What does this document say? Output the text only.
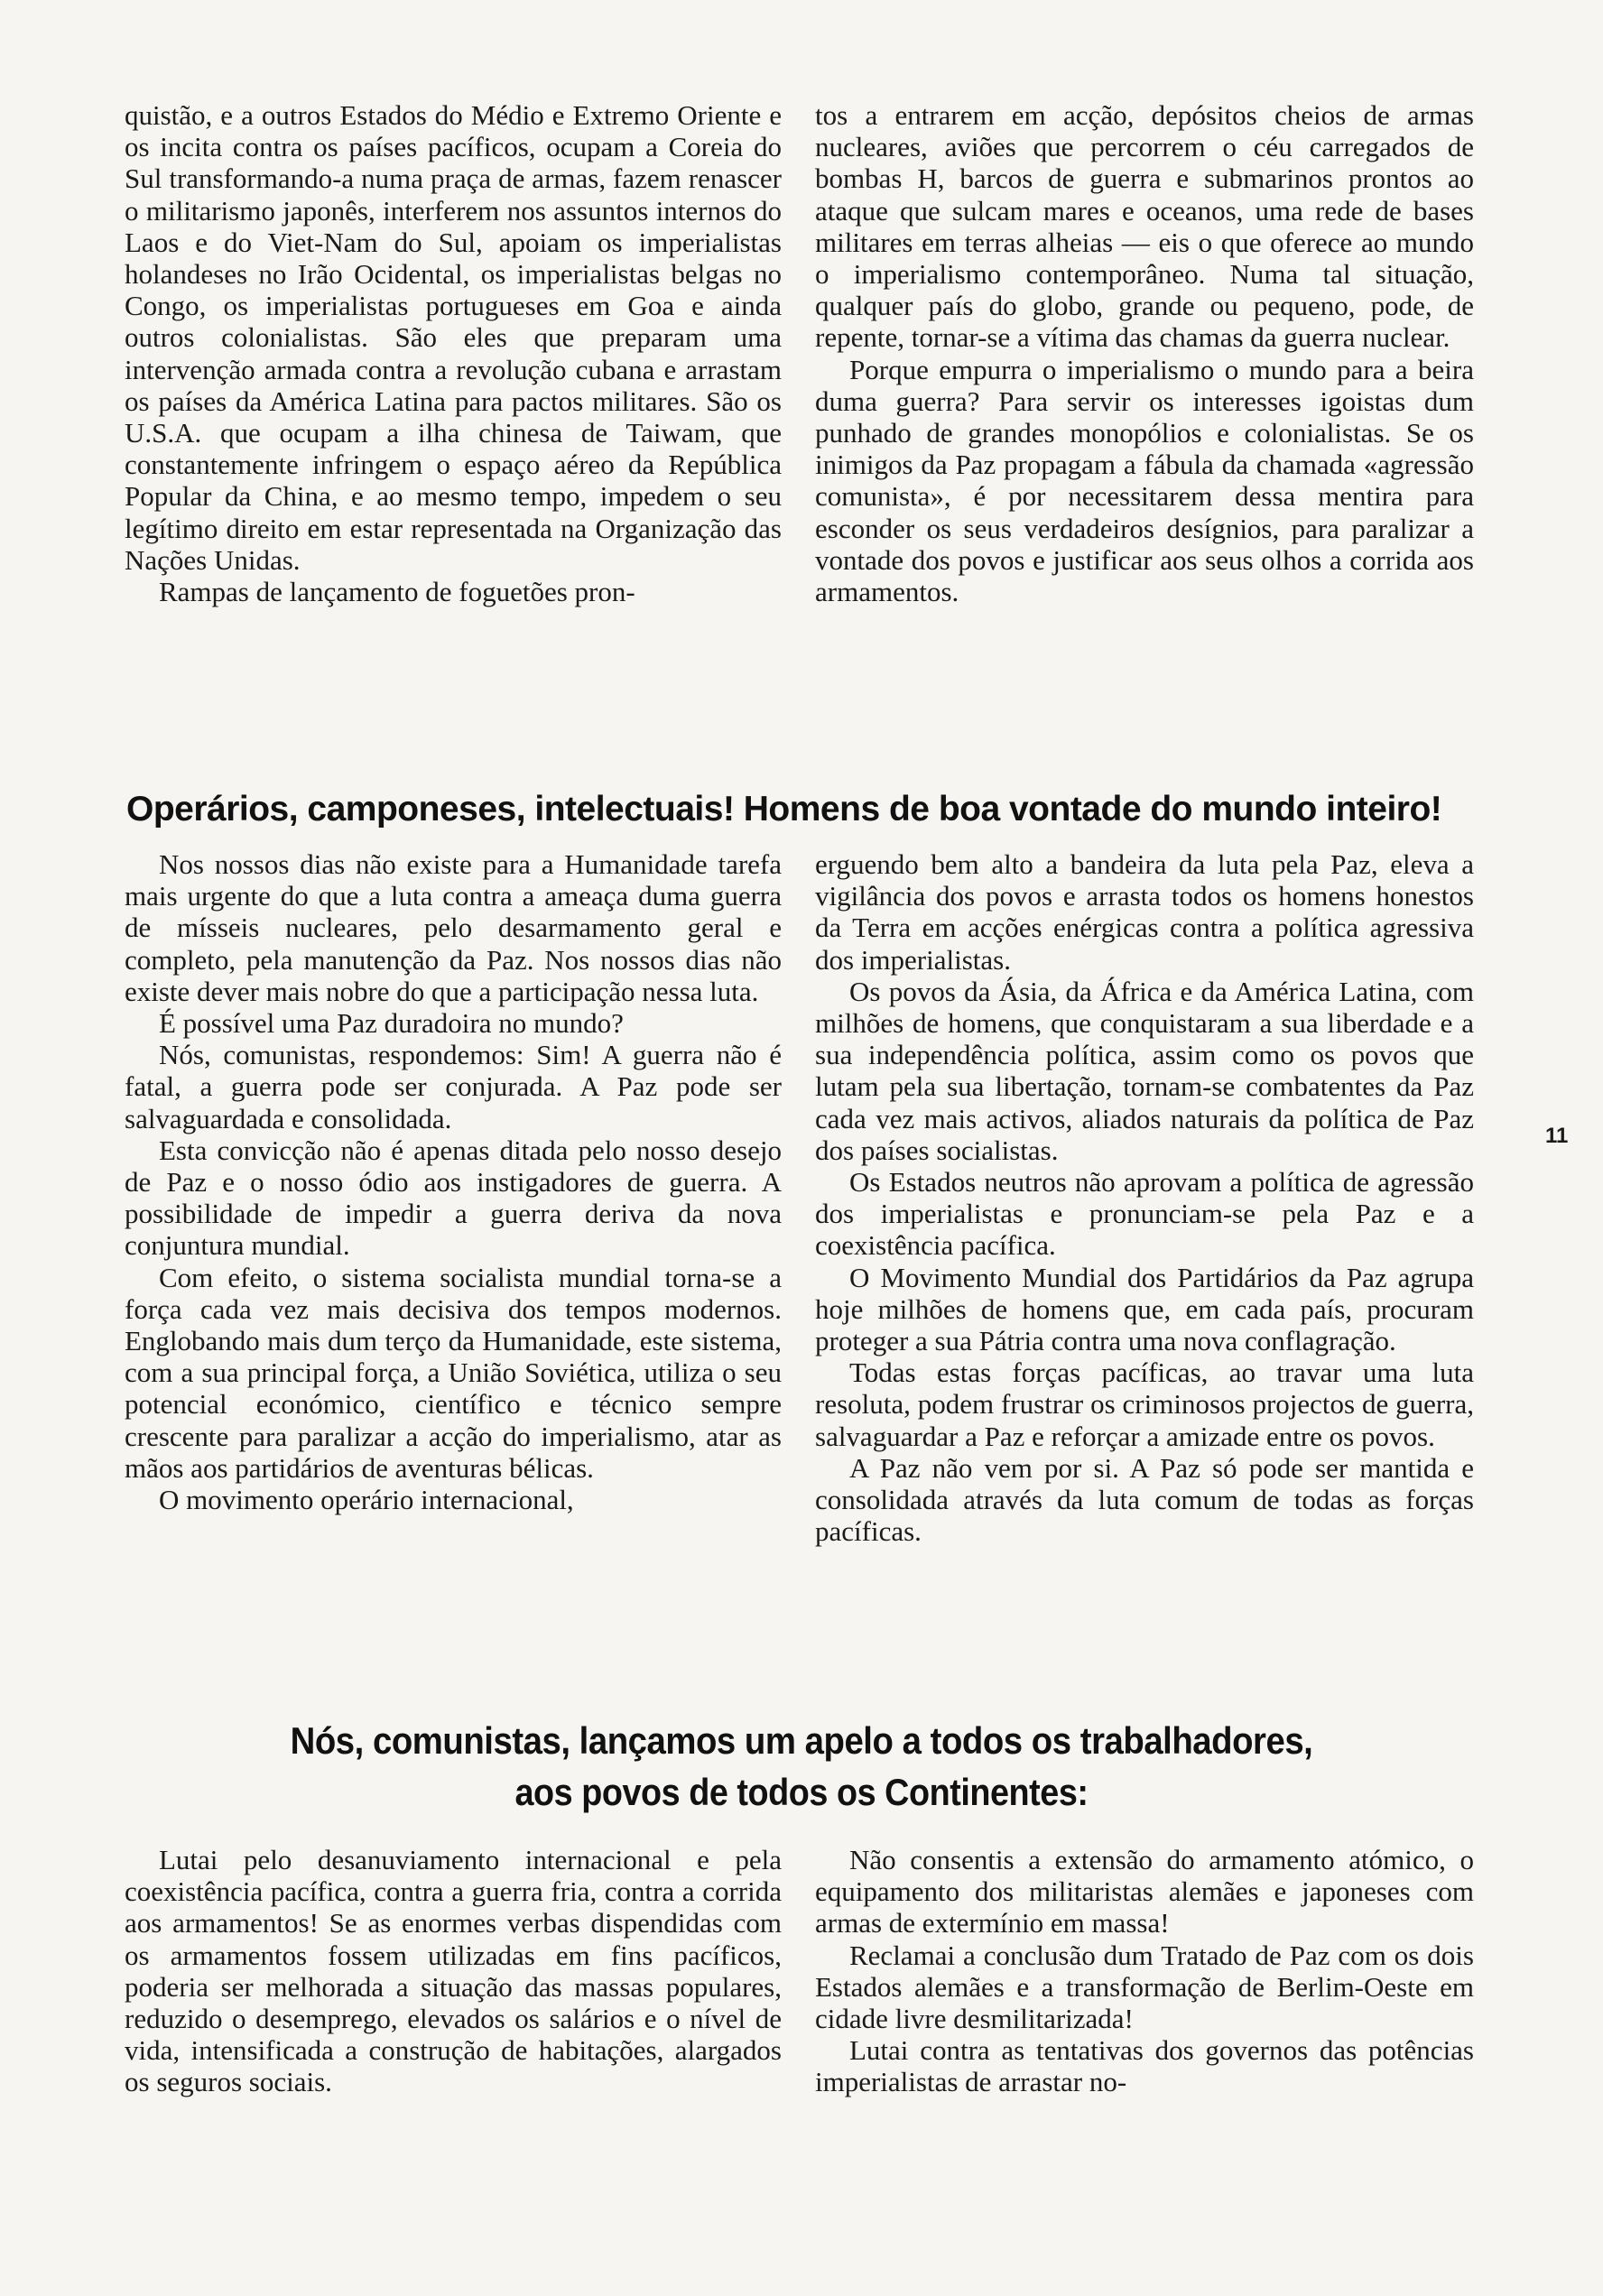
quistão, e a outros Estados do Médio e Extremo Oriente e os incita contra os países pacíficos, ocupam a Coreia do Sul transformando-a numa praça de armas, fazem renascer o militarismo japonês, interferem nos assuntos internos do Laos e do Viet-Nam do Sul, apoiam os imperialistas holandeses no Irão Ocidental, os imperialistas belgas no Congo, os imperialistas portugueses em Goa e ainda outros colonialistas. São eles que preparam uma intervenção armada contra a revolução cubana e arrastam os países da América Latina para pactos militares. São os U.S.A. que ocupam a ilha chinesa de Taiwam, que constantemente infringem o espaço aéreo da República Popular da China, e ao mesmo tempo, impedem o seu legítimo direito em estar representada na Organização das Nações Unidas.

Rampas de lançamento de foguetões pron-

tos a entrarem em acção, depósitos cheios de armas nucleares, aviões que percorrem o céu carregados de bombas H, barcos de guerra e submarinos prontos ao ataque que sulcam mares e oceanos, uma rede de bases militares em terras alheias — eis o que oferece ao mundo o imperialismo contemporâneo. Numa tal situação, qualquer país do globo, grande ou pequeno, pode, de repente, tornar-se a vítima das chamas da guerra nuclear.

Porque empurra o imperialismo o mundo para a beira duma guerra? Para servir os interesses igoistas dum punhado de grandes monopólios e colonialistas. Se os inimigos da Paz propagam a fábula da chamada «agressão comunista», é por necessitarem dessa mentira para esconder os seus verdadeiros desígnios, para paralizar a vontade dos povos e justificar aos seus olhos a corrida aos armamentos.

Operários, camponeses, intelectuais! Homens de boa vontade do mundo inteiro!

Nos nossos dias não existe para a Humanidade tarefa mais urgente do que a luta contra a ameaça duma guerra de mísseis nucleares, pelo desarmamento geral e completo, pela manutenção da Paz. Nos nossos dias não existe dever mais nobre do que a participação nessa luta.

É possível uma Paz duradoira no mundo?

Nós, comunistas, respondemos: Sim! A guerra não é fatal, a guerra pode ser conjurada. A Paz pode ser salvaguardada e consolidada.

Esta convicção não é apenas ditada pelo nosso desejo de Paz e o nosso ódio aos instigadores de guerra. A possibilidade de impedir a guerra deriva da nova conjuntura mundial.

Com efeito, o sistema socialista mundial torna-se a força cada vez mais decisiva dos tempos modernos. Englobando mais dum terço da Humanidade, este sistema, com a sua principal força, a União Soviética, utiliza o seu potencial económico, científico e técnico sempre crescente para paralizar a acção do imperialismo, atar as mãos aos partidários de aventuras bélicas.

O movimento operário internacional,

erguendo bem alto a bandeira da luta pela Paz, eleva a vigilância dos povos e arrasta todos os homens honestos da Terra em acções enérgicas contra a política agressiva dos imperialistas.

Os povos da Ásia, da África e da América Latina, com milhões de homens, que conquistaram a sua liberdade e a sua independência política, assim como os povos que lutam pela sua libertação, tornam-se combatentes da Paz cada vez mais activos, aliados naturais da política de Paz dos países socialistas.

Os Estados neutros não aprovam a política de agressão dos imperialistas e pronunciam-se pela Paz e a coexistência pacífica.

O Movimento Mundial dos Partidários da Paz agrupa hoje milhões de homens que, em cada país, procuram proteger a sua Pátria contra uma nova conflagração.

Todas estas forças pacíficas, ao travar uma luta resoluta, podem frustrar os criminosos projectos de guerra, salvaguardar a Paz e reforçar a amizade entre os povos.

A Paz não vem por si. A Paz só pode ser mantida e consolidada através da luta comum de todas as forças pacíficas.

Nós, comunistas, lançamos um apelo a todos os trabalhadores,
aos povos de todos os Continentes:

Lutai pelo desanuviamento internacional e pela coexistência pacífica, contra a guerra fria, contra a corrida aos armamentos! Se as enormes verbas dispendidas com os armamentos fossem utilizadas em fins pacíficos, poderia ser melhorada a situação das massas populares, reduzido o desemprego, elevados os salários e o nível de vida, intensificada a construção de habitações, alargados os seguros sociais.

Não consentis a extensão do armamento atómico, o equipamento dos militaristas alemães e japoneses com armas de extermínio em massa!

Reclamai a conclusão dum Tratado de Paz com os dois Estados alemães e a transformação de Berlim-Oeste em cidade livre desmilitarizada!

Lutai contra as tentativas dos governos das potências imperialistas de arrastar no-

11
